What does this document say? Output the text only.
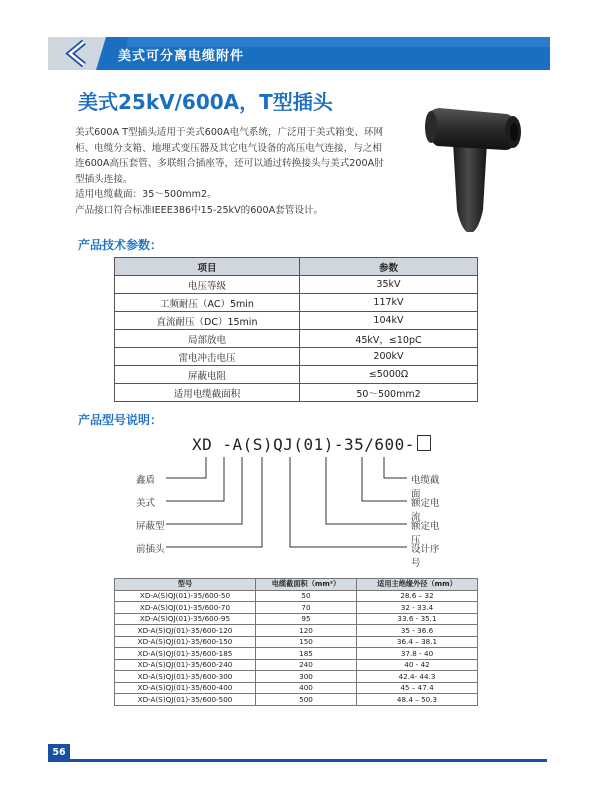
美式可分离电缆附件
美式25kV/600A，T型插头

美式600A T型插头适用于美式600A电气系统，广泛用于美式箱变、环网

柜、电缆分支箱、地埋式变压器及其它电气设备的高压电气连接，与之相

连600A高压套管、多联组合插座等，还可以通过转换接头与美式200A肘

型插头连接。

适用电缆截面：35～500mm2。

产品接口符合标准IEEE386中15-25kV的600A套管设计。

产品技术参数：
项目	参数
电压等级	35kV
工频耐压（AC）5min	117kV
直流耐压（DC）15min	104kV
局部放电	45kV，≤10pC
雷电冲击电压	200kV
屏蔽电阻	≤5000Ω
适用电缆截面积	50～500mm2
产品型号说明：
XD -A(S)QJ(01)-35/600-
鑫盾
美式
屏蔽型
前插头
电缆截面
额定电流
额定电压
设计序号
型号	电缆截面积（mm²）	适用主绝缘外径（mm）
XD-A(S)QJ(01)-35/600-50	50	28.6 – 32
XD-A(S)QJ(01)-35/600-70	70	32 - 33.4
XD-A(S)QJ(01)-35/600-95	95	33.6 - 35.1
XD-A(S)QJ(01)-35/600-120	120	35 - 36.6
XD-A(S)QJ(01)-35/600-150	150	36.4 – 38.1
XD-A(S)QJ(01)-35/600-185	185	37.8 - 40
XD-A(S)QJ(01)-35/600-240	240	40 - 42
XD-A(S)QJ(01)-35/600-300	300	42.4- 44.3
XD-A(S)QJ(01)-35/600-400	400	45 – 47.4
XD-A(S)QJ(01)-35/600-500	500	48.4 – 50.3
56
